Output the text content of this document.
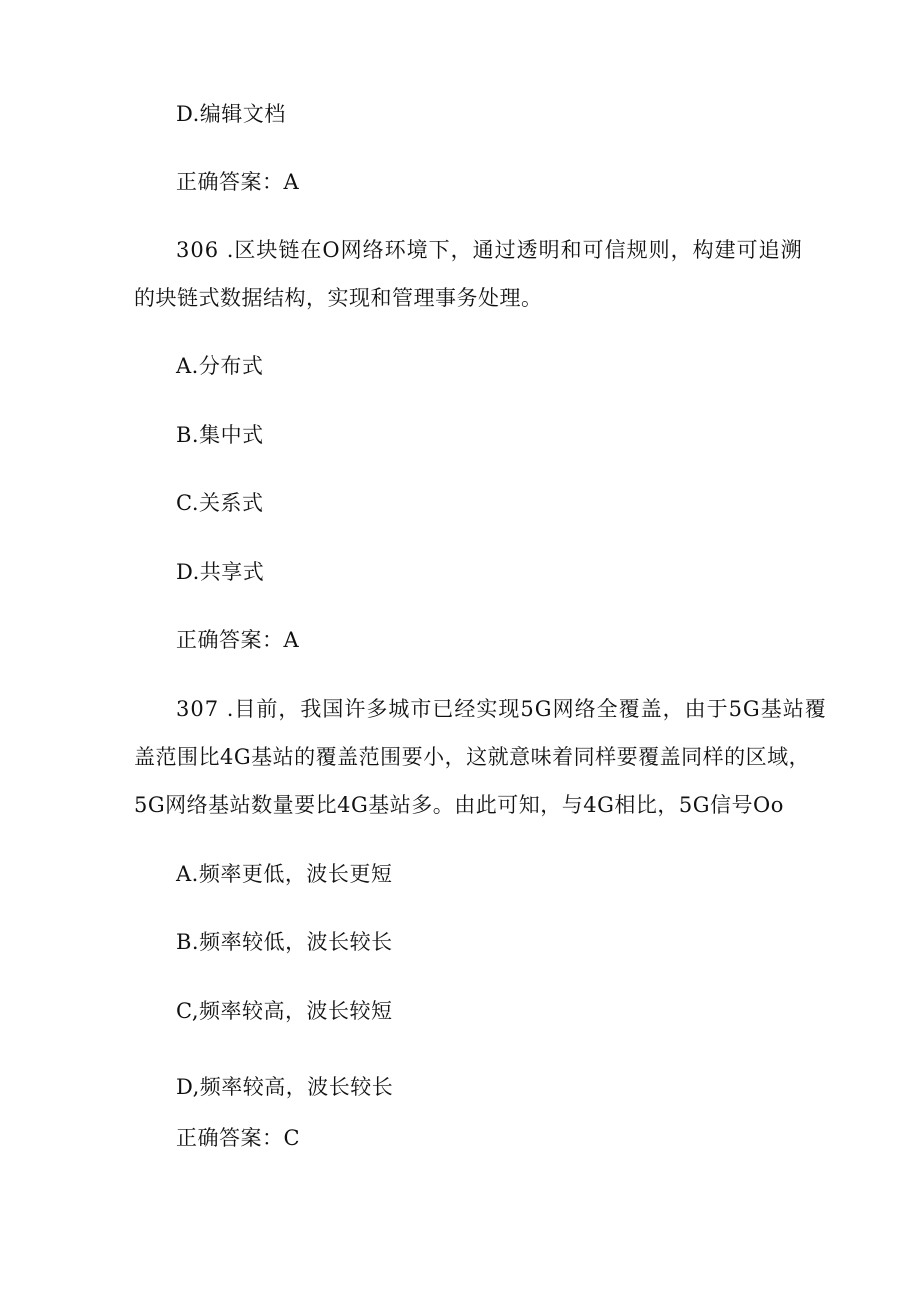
D.编辑文档
正确答案：A
306 .区块链在O网络环境下，通过透明和可信规则，构建可追溯
的块链式数据结构，实现和管理事务处理。
A.分布式
B.集中式
C.关系式
D.共享式
正确答案：A
307 .目前，我国许多城市已经实现5G网络全覆盖，由于5G基站覆
盖范围比4G基站的覆盖范围要小，这就意味着同样要覆盖同样的区域，
5G网络基站数量要比4G基站多。由此可知，与4G相比，5G信号Oo
A.频率更低，波长更短
B.频率较低，波长较长
C,频率较高，波长较短
D,频率较高，波长较长
正确答案：C
